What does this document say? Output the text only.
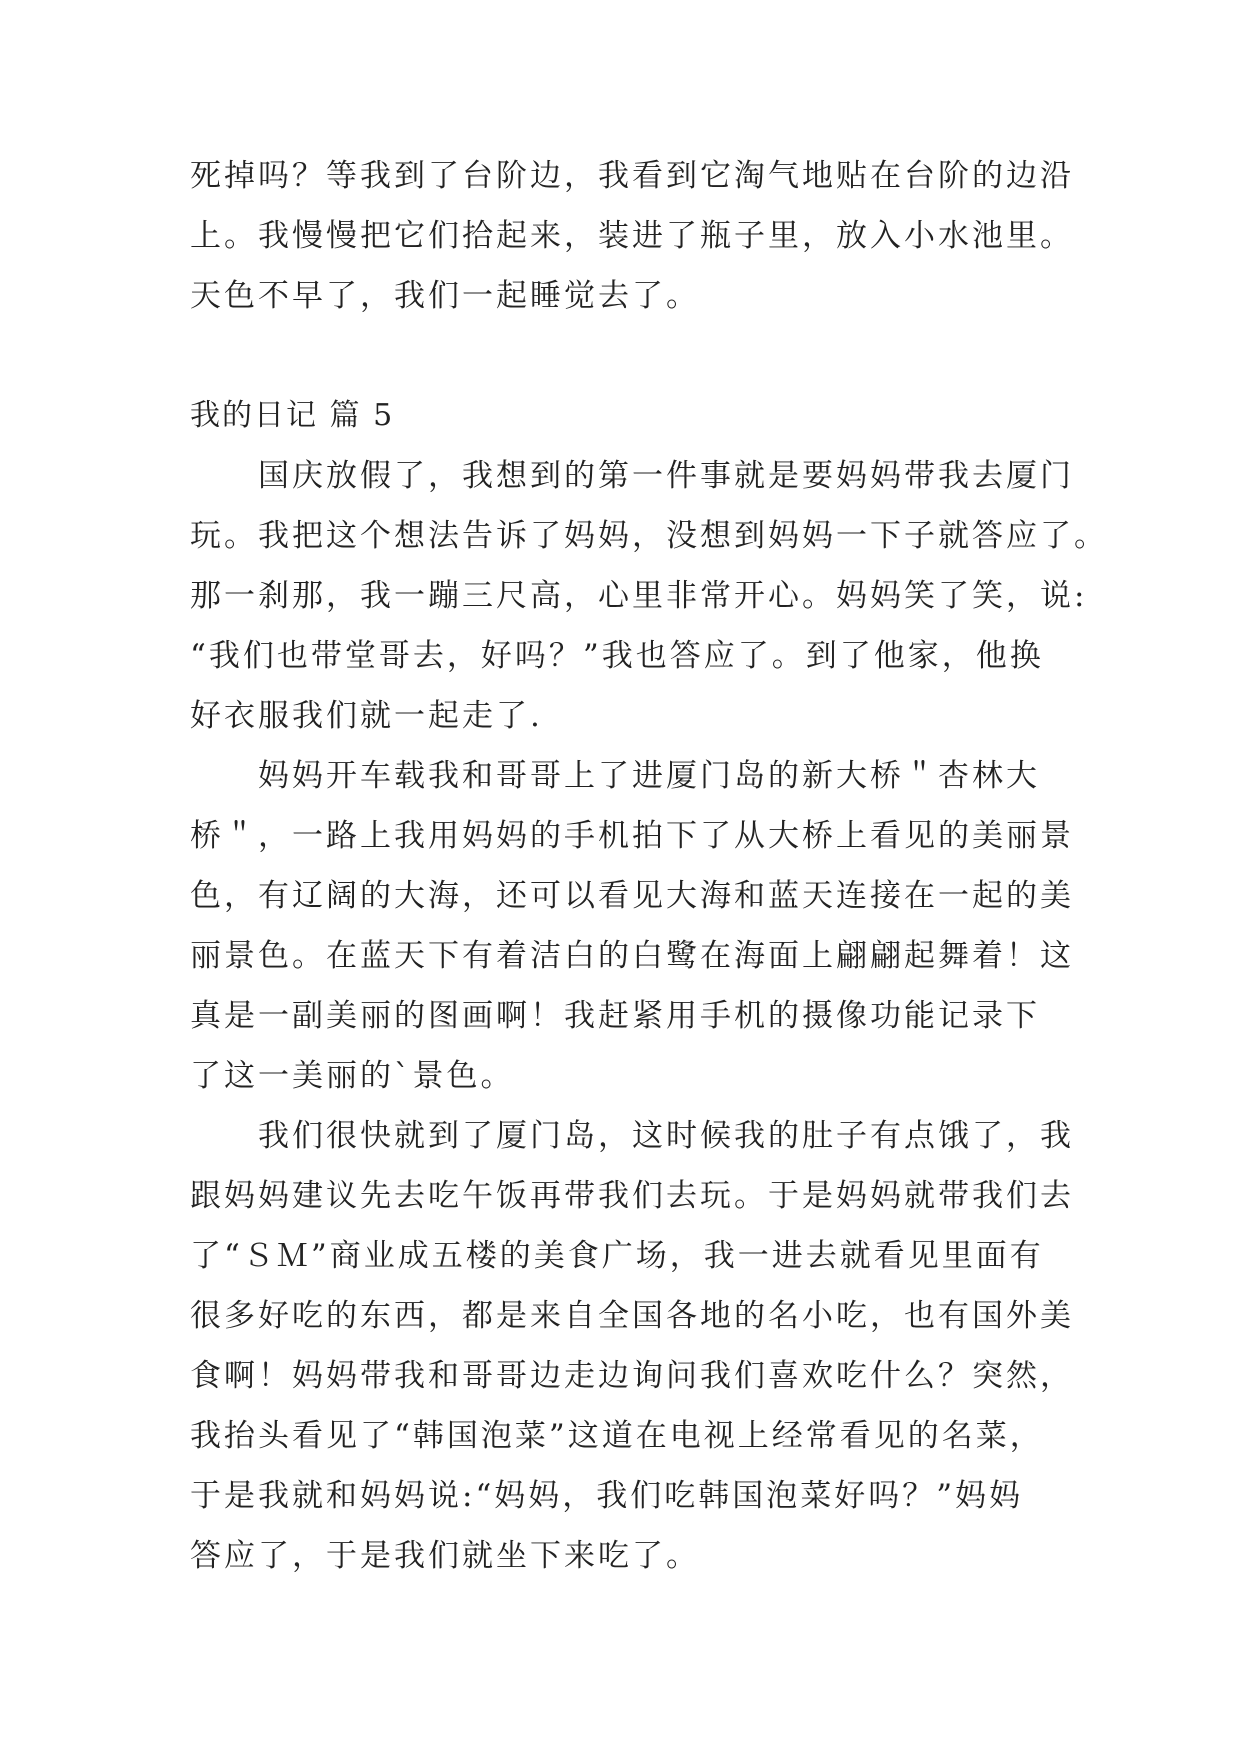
死掉吗？等我到了台阶边，我看到它淘气地贴在台阶的边沿
上。我慢慢把它们拾起来，装进了瓶子里，放入小水池里。
天色不早了，我们一起睡觉去了。
我的日记 篇 5
国庆放假了，我想到的第一件事就是要妈妈带我去厦门
玩。我把这个想法告诉了妈妈，没想到妈妈一下子就答应了。
那一刹那，我一蹦三尺高，心里非常开心。妈妈笑了笑，说:
“我们也带堂哥去，好吗？”我也答应了。到了他家，他换
好衣服我们就一起走了.
妈妈开车载我和哥哥上了进厦门岛的新大桥＂杏林大
桥＂，一路上我用妈妈的手机拍下了从大桥上看见的美丽景
色，有辽阔的大海，还可以看见大海和蓝天连接在一起的美
丽景色。在蓝天下有着洁白的白鹭在海面上翩翩起舞着！这
真是一副美丽的图画啊！我赶紧用手机的摄像功能记录下
了这一美丽的`景色。
我们很快就到了厦门岛，这时候我的肚子有点饿了，我
跟妈妈建议先去吃午饭再带我们去玩。于是妈妈就带我们去
了“ＳＭ”商业成五楼的美食广场，我一进去就看见里面有
很多好吃的东西，都是来自全国各地的名小吃，也有国外美
食啊！妈妈带我和哥哥边走边询问我们喜欢吃什么？突然，
我抬头看见了“韩国泡菜”这道在电视上经常看见的名菜，
于是我就和妈妈说:“妈妈，我们吃韩国泡菜好吗？”妈妈
答应了，于是我们就坐下来吃了。
